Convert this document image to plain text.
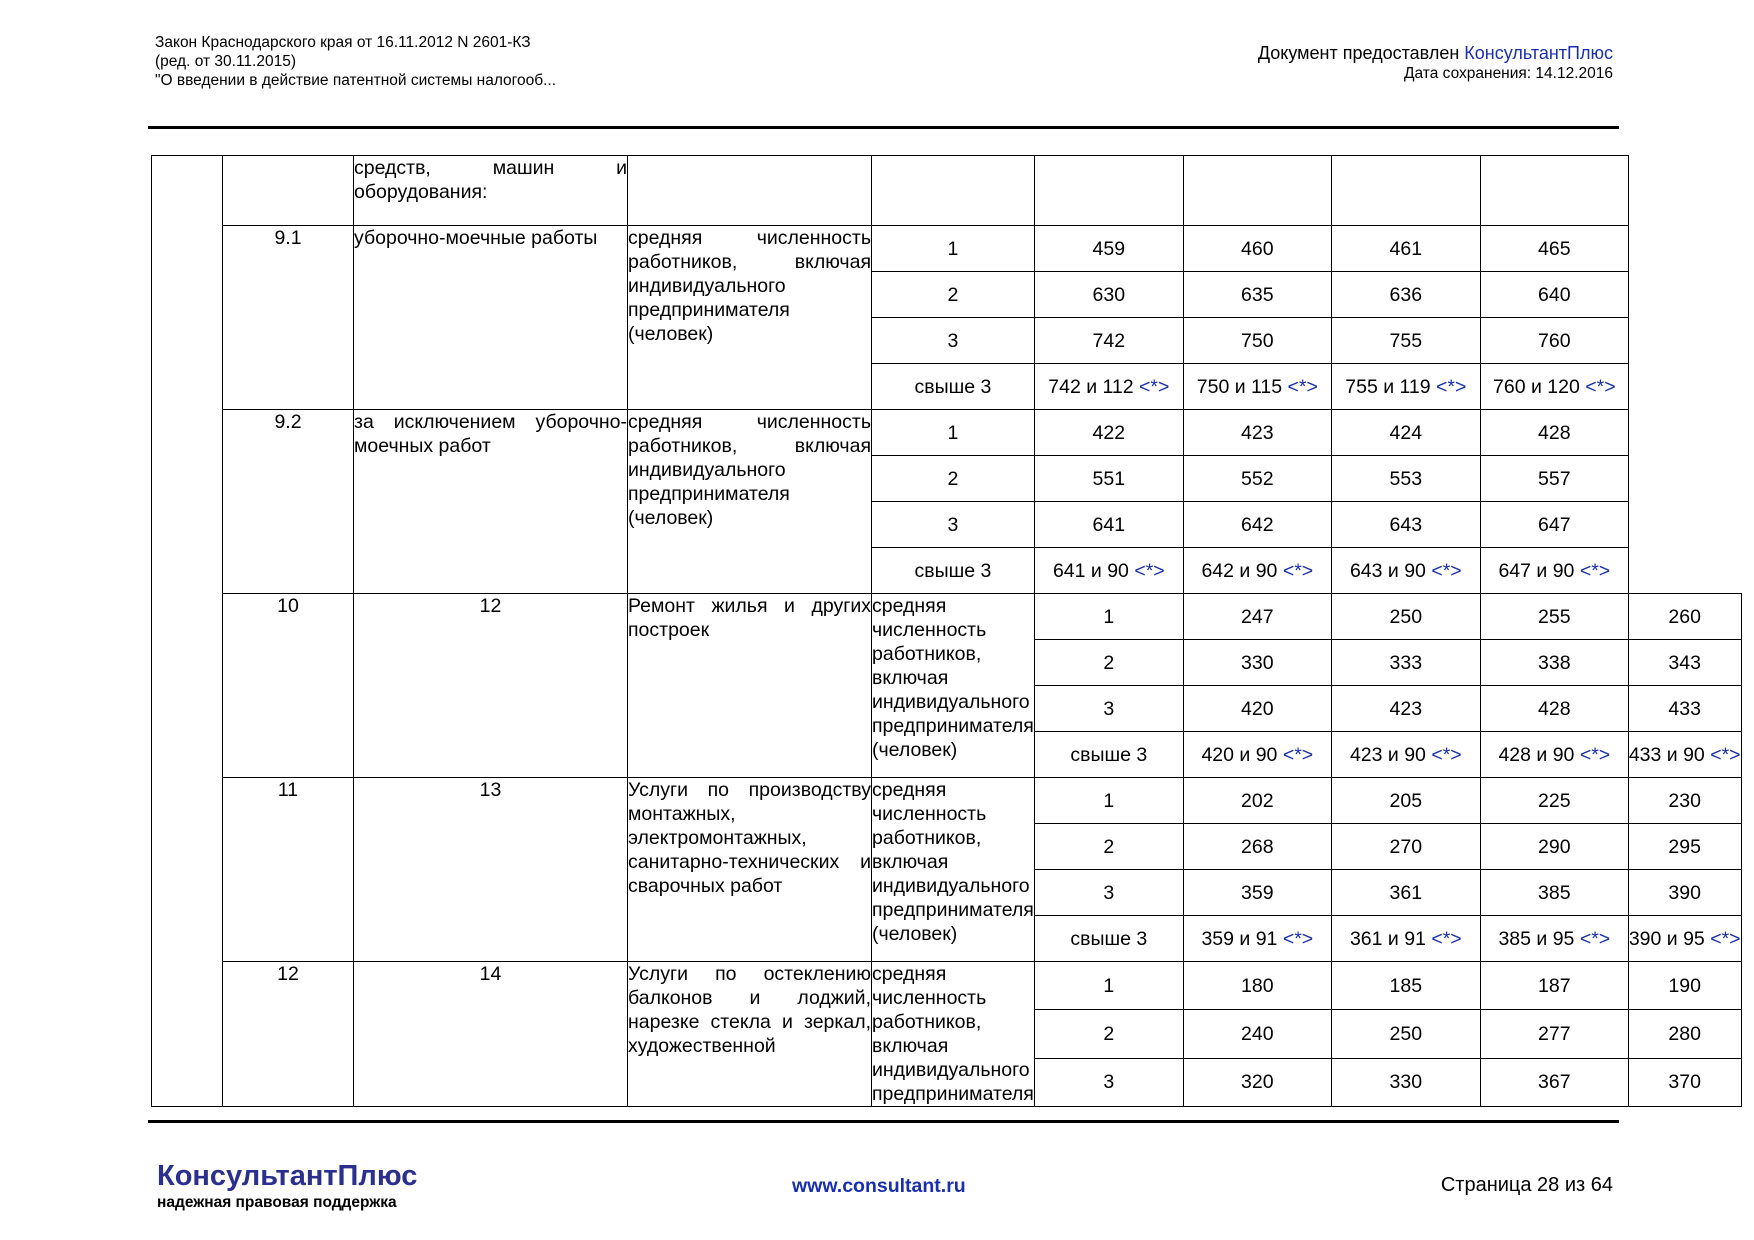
Закон Краснодарского края от 16.11.2012 N 2601-КЗ
(ред. от 30.11.2015)
"О введении в действие патентной системы налогооб...
Документ предоставлен КонсультантПлюс
Дата сохранения: 14.12.2016
		средств, машин и оборудования:							
	9.1	уборочно-моечные работы	средняя численность работников, включая индивидуального предпринимателя (человек)	1	459	460	461	465	
				2	630	635	636	640	
				3	742	750	755	760	
				свыше 3	742 и 112 <*>	750 и 115 <*>	755 и 119 <*>	760 и 120 <*>	
	9.2	за исключением уборочно-моечных работ	средняя численность работников, включая индивидуального предпринимателя (человек)	1	422	423	424	428	
				2	551	552	553	557	
				3	641	642	643	647	
				свыше 3	641 и 90 <*>	642 и 90 <*>	643 и 90 <*>	647 и 90 <*>	
	10	12	Ремонт жилья и других построек	средняя численность работников, включая индивидуального предпринимателя (человек)	1	247	250	255	260
					2	330	333	338	343
					3	420	423	428	433
					свыше 3	420 и 90 <*>	423 и 90 <*>	428 и 90 <*>	433 и 90 <*>
	11	13	Услуги по производству монтажных, электромонтажных, санитарно-технических и сварочных работ	средняя численность работников, включая индивидуального предпринимателя (человек)	1	202	205	225	230
					2	268	270	290	295
					3	359	361	385	390
					свыше 3	359 и 91 <*>	361 и 91 <*>	385 и 95 <*>	390 и 95 <*>
	12	14	Услуги по остеклению балконов и лоджий, нарезке стекла и зеркал, художественной	средняя численность работников, включая индивидуального предпринимателя	1	180	185	187	190
					2	240	250	277	280
					3	320	330	367	370
КонсультантПлюс
надежная правовая поддержка
www.consultant.ru	Страница 28 из 64
